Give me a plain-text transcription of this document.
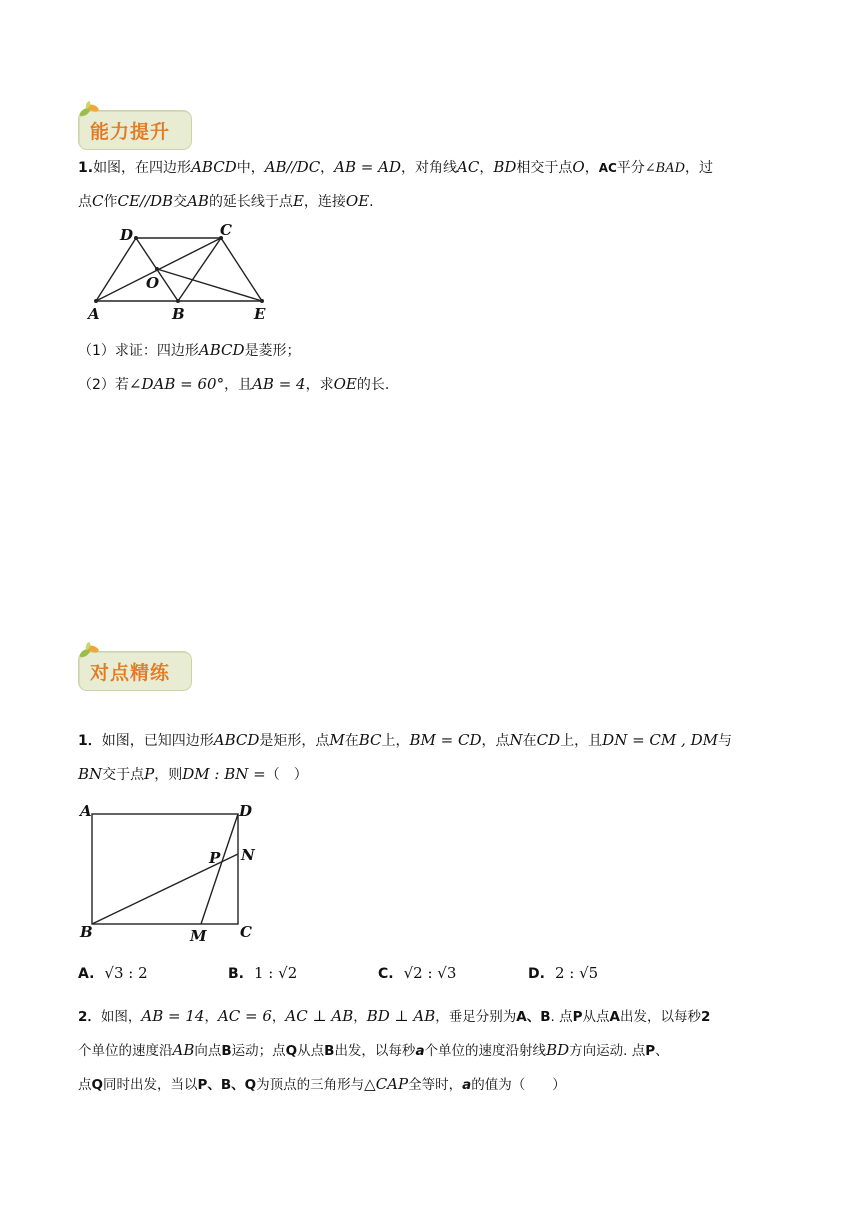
能力提升
1.如图，在四边形ABCD中，AB//DC，AB = AD，对角线AC，BD相交于点O，AC平分∠BAD，过
点C作CE//DB交AB的延长线于点E，连接OE.
D	C
O
A	B	E
（1）求证：四边形ABCD是菱形；
（2）若∠DAB = 60°，且AB = 4，求OE的长.
对点精练
1．如图，已知四边形ABCD是矩形，点M在BC上，BM = CD，点N在CD上，且DN = CM , DM与
BN交于点P，则DM : BN =（　）
A	D
P N
B	M C
A. √3 : 2	B. 1 : √2	C. √2 : √3	D. 2 : √5
2．如图，AB = 14，AC = 6，AC ⊥ AB，BD ⊥ AB，垂足分别为A、B. 点P从点A出发，以每秒2
个单位的速度沿AB向点B运动；点Q从点B出发，以每秒a个单位的速度沿射线BD方向运动. 点P、
点Q同时出发，当以P、B、Q为顶点的三角形与△CAP全等时，a的值为（　　）
